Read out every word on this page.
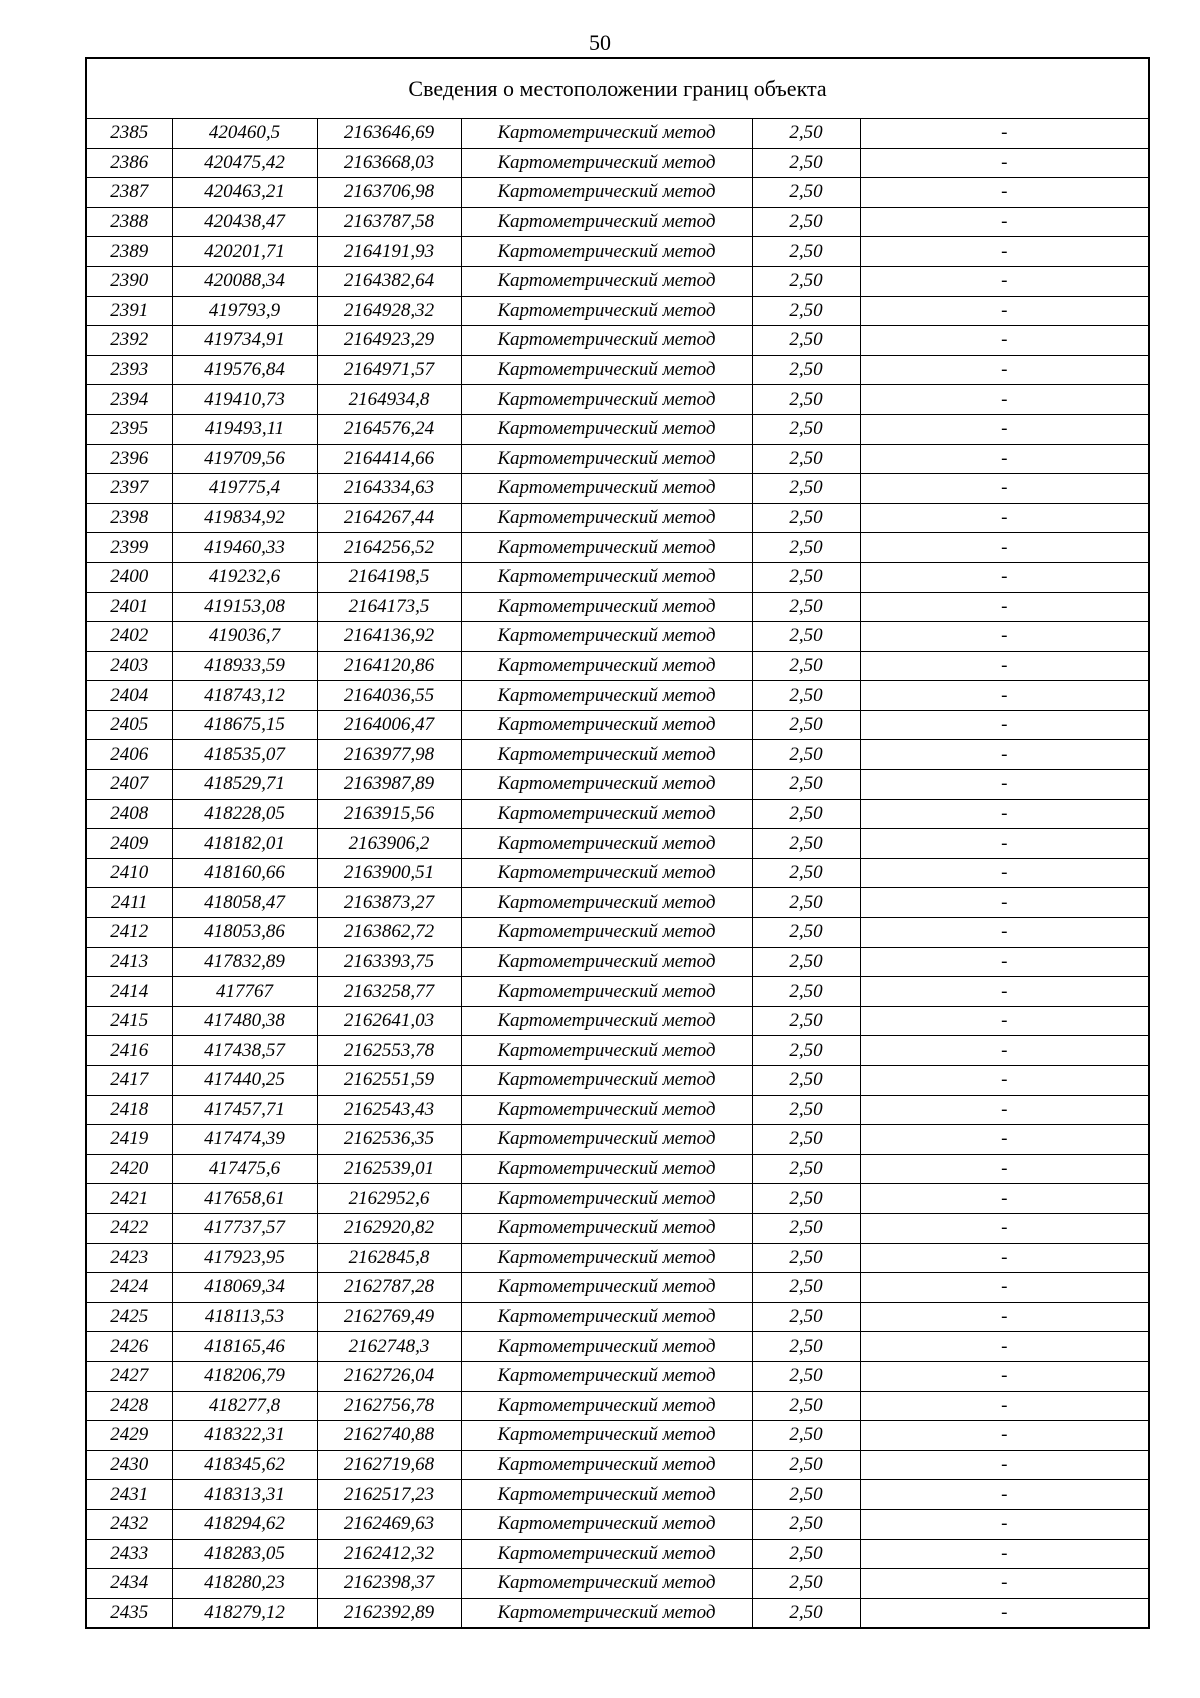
50
Сведения о местоположении границ объекта					
2385	420460,5	2163646,69	Картометрический метод	2,50	-
2386	420475,42	2163668,03	Картометрический метод	2,50	-
2387	420463,21	2163706,98	Картометрический метод	2,50	-
2388	420438,47	2163787,58	Картометрический метод	2,50	-
2389	420201,71	2164191,93	Картометрический метод	2,50	-
2390	420088,34	2164382,64	Картометрический метод	2,50	-
2391	419793,9	2164928,32	Картометрический метод	2,50	-
2392	419734,91	2164923,29	Картометрический метод	2,50	-
2393	419576,84	2164971,57	Картометрический метод	2,50	-
2394	419410,73	2164934,8	Картометрический метод	2,50	-
2395	419493,11	2164576,24	Картометрический метод	2,50	-
2396	419709,56	2164414,66	Картометрический метод	2,50	-
2397	419775,4	2164334,63	Картометрический метод	2,50	-
2398	419834,92	2164267,44	Картометрический метод	2,50	-
2399	419460,33	2164256,52	Картометрический метод	2,50	-
2400	419232,6	2164198,5	Картометрический метод	2,50	-
2401	419153,08	2164173,5	Картометрический метод	2,50	-
2402	419036,7	2164136,92	Картометрический метод	2,50	-
2403	418933,59	2164120,86	Картометрический метод	2,50	-
2404	418743,12	2164036,55	Картометрический метод	2,50	-
2405	418675,15	2164006,47	Картометрический метод	2,50	-
2406	418535,07	2163977,98	Картометрический метод	2,50	-
2407	418529,71	2163987,89	Картометрический метод	2,50	-
2408	418228,05	2163915,56	Картометрический метод	2,50	-
2409	418182,01	2163906,2	Картометрический метод	2,50	-
2410	418160,66	2163900,51	Картометрический метод	2,50	-
2411	418058,47	2163873,27	Картометрический метод	2,50	-
2412	418053,86	2163862,72	Картометрический метод	2,50	-
2413	417832,89	2163393,75	Картометрический метод	2,50	-
2414	417767	2163258,77	Картометрический метод	2,50	-
2415	417480,38	2162641,03	Картометрический метод	2,50	-
2416	417438,57	2162553,78	Картометрический метод	2,50	-
2417	417440,25	2162551,59	Картометрический метод	2,50	-
2418	417457,71	2162543,43	Картометрический метод	2,50	-
2419	417474,39	2162536,35	Картометрический метод	2,50	-
2420	417475,6	2162539,01	Картометрический метод	2,50	-
2421	417658,61	2162952,6	Картометрический метод	2,50	-
2422	417737,57	2162920,82	Картометрический метод	2,50	-
2423	417923,95	2162845,8	Картометрический метод	2,50	-
2424	418069,34	2162787,28	Картометрический метод	2,50	-
2425	418113,53	2162769,49	Картометрический метод	2,50	-
2426	418165,46	2162748,3	Картометрический метод	2,50	-
2427	418206,79	2162726,04	Картометрический метод	2,50	-
2428	418277,8	2162756,78	Картометрический метод	2,50	-
2429	418322,31	2162740,88	Картометрический метод	2,50	-
2430	418345,62	2162719,68	Картометрический метод	2,50	-
2431	418313,31	2162517,23	Картометрический метод	2,50	-
2432	418294,62	2162469,63	Картометрический метод	2,50	-
2433	418283,05	2162412,32	Картометрический метод	2,50	-
2434	418280,23	2162398,37	Картометрический метод	2,50	-
2435	418279,12	2162392,89	Картометрический метод	2,50	-
